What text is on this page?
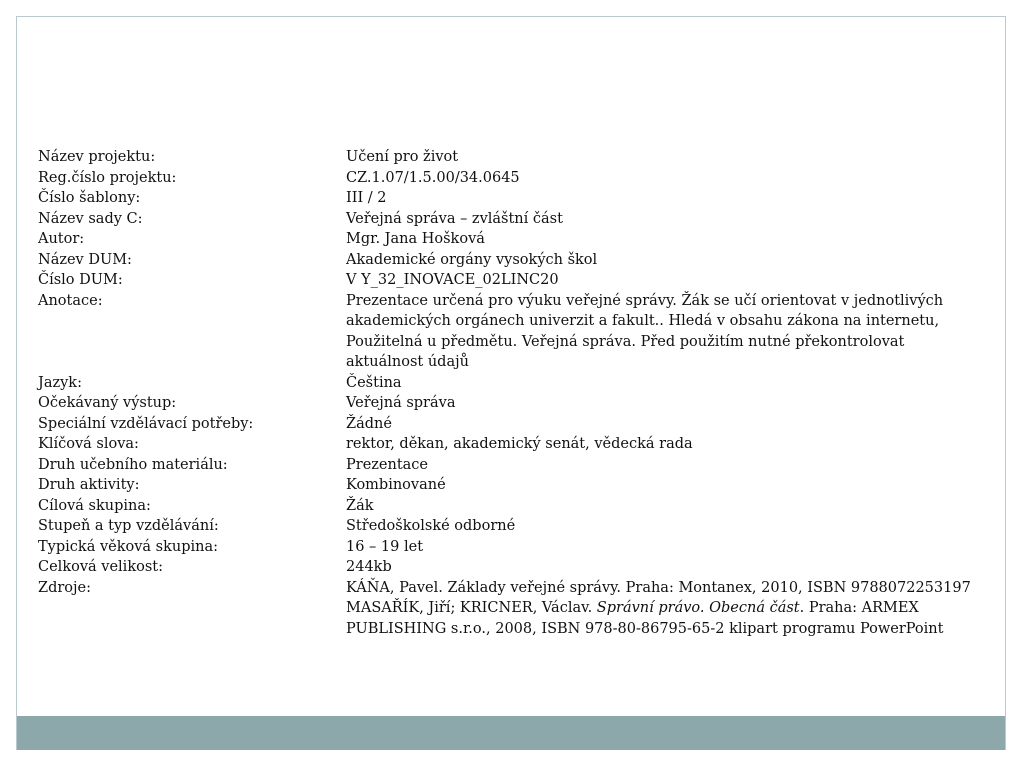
Název projektu:	Učení pro život
Reg.číslo projektu:	CZ.1.07/1.5.00/34.0645
Číslo šablony:	III / 2
Název sady C:	Veřejná správa – zvláštní část
Autor:	Mgr. Jana Hošková
Název DUM:	Akademické orgány vysokých škol
Číslo DUM:	V Y_32_INOVACE_02LINC20
Anotace:	Prezentace určená pro výuku veřejné správy. Žák se učí orientovat v jednotlivých
akademických orgánech univerzit a fakult.. Hledá v obsahu zákona na internetu,
Použitelná u předmětu. Veřejná správa. Před použitím nutné překontrolovat
aktuálnost údajů

Jazyk:	Čeština
Očekávaný výstup:	Veřejná správa
Speciální vzdělávací potřeby:	Žádné
Klíčová slova:	rektor, děkan, akademický senát, vědecká rada
Druh učebního materiálu:	Prezentace
Druh aktivity:	Kombinované
Cílová skupina:	Žák
Stupeň a typ vzdělávání:	Středoškolské odborné
Typická věková skupina:	16 – 19 let
Celková velikost:	244kb
Zdroje:	KÁŇA, Pavel. Základy veřejné správy. Praha: Montanex, 2010, ISBN 9788072253197
MASAŘÍK, Jiří; KRICNER, Václav. Správní právo. Obecná část. Praha: ARMEX
PUBLISHING s.r.o., 2008, ISBN 978-80-86795-65-2 klipart programu PowerPoint
